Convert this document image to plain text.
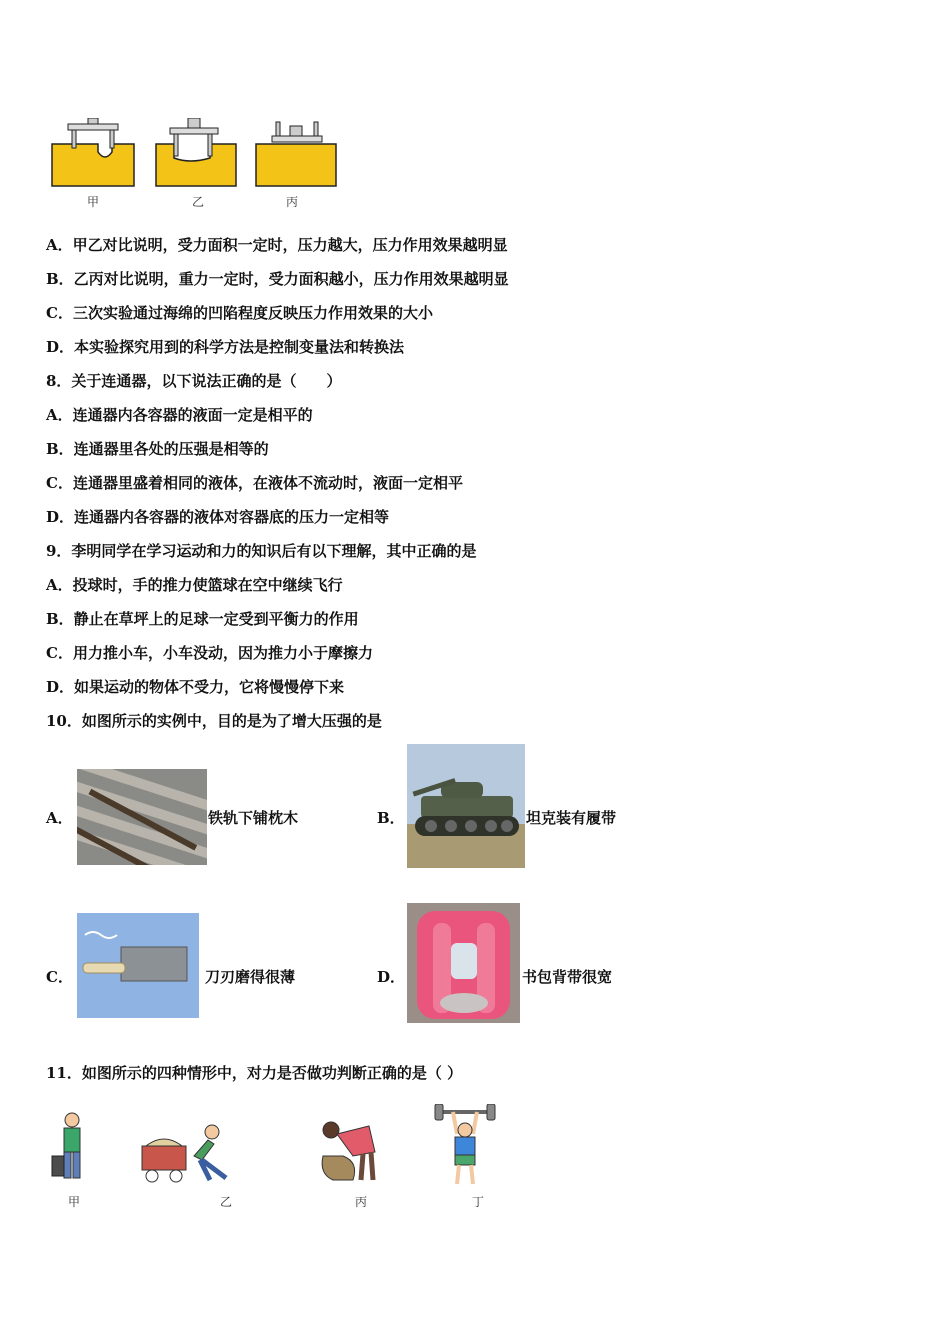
甲	乙	丙
A．甲乙对比说明，受力面积一定时，压力越大，压力作用效果越明显
B．乙丙对比说明，重力一定时，受力面积越小，压力作用效果越明显
C．三次实验通过海绵的凹陷程度反映压力作用效果的大小
D．本实验探究用到的科学方法是控制变量法和转换法
8．关于连通器，以下说法正确的是（　　）
A．连通器内各容器的液面一定是相平的
B．连通器里各处的压强是相等的
C．连通器里盛着相同的液体，在液体不流动时，液面一定相平
D．连通器内各容器的液体对容器底的压力一定相等
9．李明同学在学习运动和力的知识后有以下理解，其中正确的是
A．投球时，手的推力使篮球在空中继续飞行
B．静止在草坪上的足球一定受到平衡力的作用
C．用力推小车，小车没动，因为推力小于摩擦力
D．如果运动的物体不受力，它将慢慢停下来
10．如图所示的实例中，目的是为了增大压强的是
A．	铁轨下铺枕木	B．	坦克装有履带
C．	刀刃磨得很薄	D．	书包背带很宽
11．如图所示的四种情形中，对力是否做功判断正确的是（ ）
甲	乙	丙	丁
